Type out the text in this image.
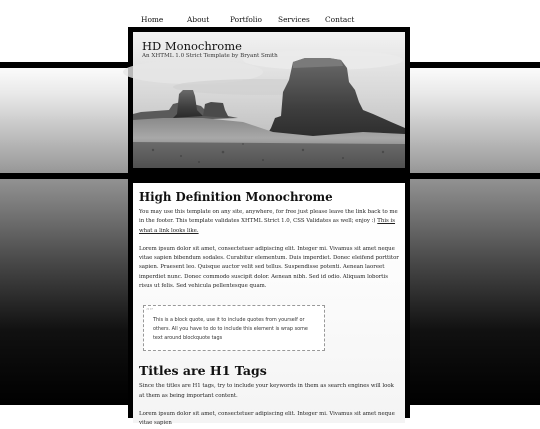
Home	About	Portfolio Services Contact
HD Monochrome
An XHTML 1.0 Strict Template by Bryant Smith
High Definition Monochrome

You may use this template on any site, anywhere, for free just please leave the link back to me in the footer. This template validates XHTML Strict 1.0, CSS Validates as well; enjoy :) This is what a link looks like.

Lorem ipsum dolor sit amet, consectetuer adipiscing elit. Integer mi. Vivamus sit amet neque vitae sapien bibendum sodales. Curabitur elementum. Duis imperdiet. Donec eleifend porttitor sapien. Praesent leo. Quisque auctor velit sed tellus. Suspendisse potenti. Aenean laoreet imperdiet nunc. Donec commodo suscipit dolor. Aenean nibh. Sed id odio. Aliquam lobortis risus ut felis. Sed vehicula pellentesque quam.

“”

This is a block quote, use it to include quotes from yourself or others. All you have to do to include this element is wrap some text around blockquote tags

Titles are H1 Tags

Since the titles are H1 tags, try to include your keywords in them as search engines will look at them as being important content.

Lorem ipsum dolor sit amet, consectetuer adipiscing elit. Integer mi. Vivamus sit amet neque vitae sapien
